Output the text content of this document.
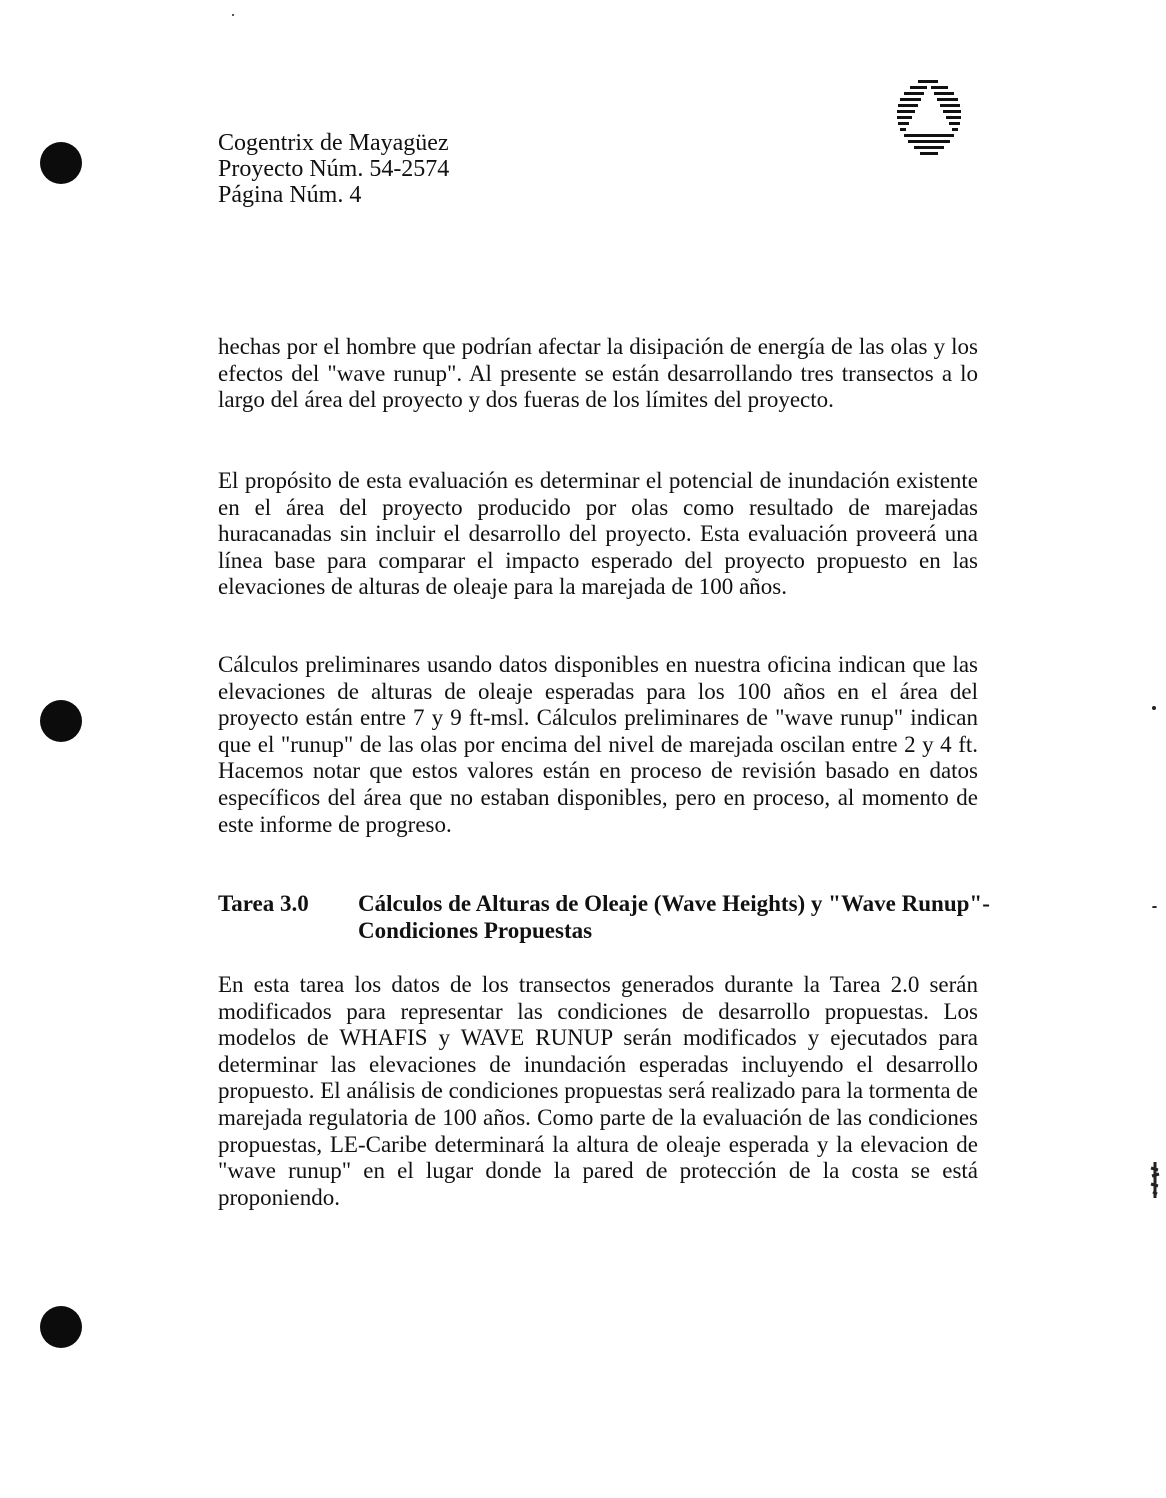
Cogentrix de Mayagüez
Proyecto Núm. 54-2574
Página Núm. 4

hechas por el hombre que podrían afectar la disipación de energía de las olas y los efectos del "wave runup". Al presente se están desarrollando tres transectos a lo largo del área del proyecto y dos fueras de los límites del proyecto.

El propósito de esta evaluación es determinar el potencial de inundación existente en el área del proyecto producido por olas como resultado de marejadas huracanadas sin incluir el desarrollo del proyecto. Esta evaluación proveerá una línea base para comparar el impacto esperado del proyecto propuesto en las elevaciones de alturas de oleaje para la marejada de 100 años.

Cálculos preliminares usando datos disponibles en nuestra oficina indican que las elevaciones de alturas de oleaje esperadas para los 100 años en el área del proyecto están entre 7 y 9 ft-msl. Cálculos preliminares de "wave runup" indican que el "runup" de las olas por encima del nivel de marejada oscilan entre 2 y 4 ft. Hacemos notar que estos valores están en proceso de revisión basado en datos específicos del área que no estaban disponibles, pero en proceso, al momento de este informe de progreso.

Tarea 3.0 Cálculos de Alturas de Oleaje (Wave Heights) y "Wave Runup"- Condiciones Propuestas

En esta tarea los datos de los transectos generados durante la Tarea 2.0 serán modificados para representar las condiciones de desarrollo propuestas. Los modelos de WHAFIS y WAVE RUNUP serán modificados y ejecutados para determinar las elevaciones de inundación esperadas incluyendo el desarrollo propuesto. El análisis de condiciones propuestas será realizado para la tormenta de marejada regulatoria de 100 años. Como parte de la evaluación de las condiciones propuestas, LE-Caribe determinará la altura de oleaje esperada y la elevacion de "wave runup" en el lugar donde la pared de protección de la costa se está proponiendo.
